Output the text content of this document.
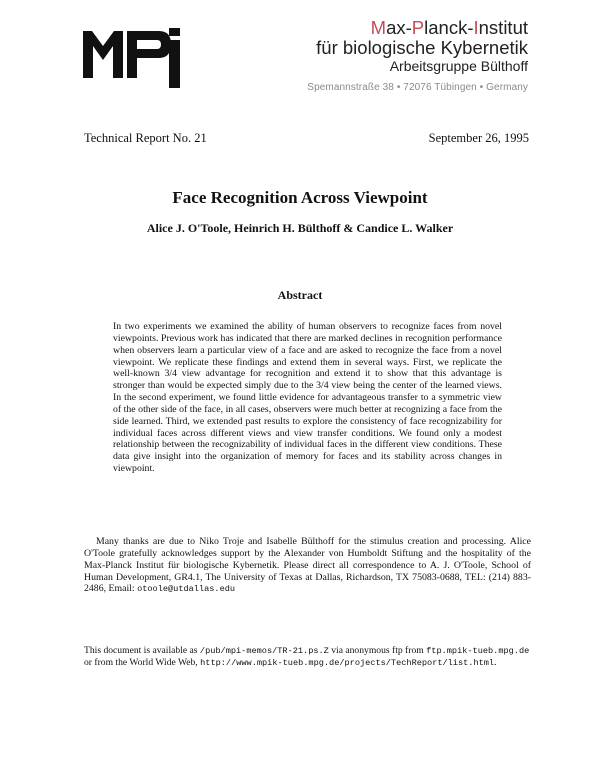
Max-Planck-Institut
für biologische Kybernetik
Arbeitsgruppe Bülthoff
Spemannstraße 38 • 72076 Tübingen • Germany
Technical Report No. 21	September 26, 1995
Face Recognition Across Viewpoint
Alice J. O'Toole, Heinrich H. Bülthoff & Candice L. Walker
Abstract
In two experiments we examined the ability of human observers to recognize faces from novel viewpoints. Previous work has indicated that there are marked declines in recognition performance when observers learn a particular view of a face and are asked to recognize the face from a novel viewpoint. We replicate these findings and extend them in several ways. First, we replicate the well-known 3/4 view advantage for recognition and extend it to show that this advantage is stronger than would be expected simply due to the 3/4 view being the center of the learned views. In the second experiment, we found little evidence for advantageous transfer to a symmetric view of the other side of the face, in all cases, observers were much better at recognizing a face from the side learned. Third, we extended past results to explore the consistency of face recognizability for individual faces across different views and view transfer conditions. We found only a modest relationship between the recognizability of individual faces in the different view conditions. These data give insight into the organization of memory for faces and its stability across changes in viewpoint.
Many thanks are due to Niko Troje and Isabelle Bülthoff for the stimulus creation and processing. Alice O'Toole gratefully acknowledges support by the Alexander von Humboldt Stiftung and the hospitality of the Max-Planck Institut für biologische Kybernetik. Please direct all correspondence to A. J. O'Toole, School of Human Development, GR4.1, The University of Texas at Dallas, Richardson, TX 75083-0688, TEL: (214) 883-2486, Email: otoole@utdallas.edu
This document is available as /pub/mpi-memos/TR-21.ps.Z via anonymous ftp from ftp.mpik-tueb.mpg.de or from the World Wide Web, http://www.mpik-tueb.mpg.de/projects/TechReport/list.html.
